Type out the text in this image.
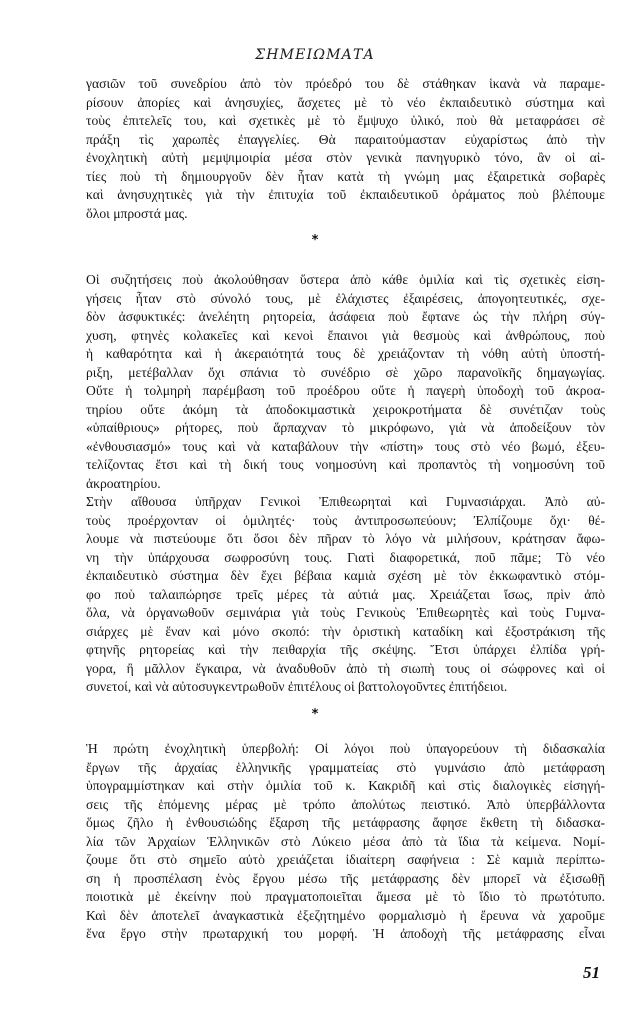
ΣΗΜΕΙΩΜΑΤΑ
γασιῶν τοῦ συνεδρίου ἀπὸ τὸν πρόεδρό του δὲ στάθηκαν ἱκανὰ νὰ παραμε-
ρίσουν ἀπορίες καὶ ἀνησυχίες, ἄσχετες μὲ τὸ νέο ἐκπαιδευτικὸ σύστημα καὶ
τοὺς ἐπιτελεῖς του, καὶ σχετικὲς μὲ τὸ ἔμψυχο ὑλικό, ποὺ θὰ μεταφράσει σὲ
πράξη τὶς χαρωπὲς ἐπαγγελίες. Θὰ παραιτούμασταν εὐχαρίστως ἀπὸ τὴν
ἐνοχλητικὴ αὐτὴ μεμψιμοιρία μέσα στὸν γενικὰ πανηγυρικὸ τόνο, ἂν οἱ αἰ-
τίες ποὺ τὴ δημιουργοῦν δὲν ἦταν κατὰ τὴ γνώμη μας ἐξαιρετικὰ σοβαρὲς
καὶ ἀνησυχητικὲς γιὰ τὴν ἐπιτυχία τοῦ ἐκπαιδευτικοῦ ὁράματος ποὺ βλέπουμε
ὅλοι μπροστά μας.
*
Οἱ συζητήσεις ποὺ ἀκολούθησαν ὕστερα ἀπὸ κάθε ὁμιλία καὶ τὶς σχετικὲς εἰση-
γήσεις ἦταν στὸ σύνολό τους, μὲ ἐλάχιστες ἐξαιρέσεις, ἀπογοητευτικές, σχε-
δὸν ἀσφυκτικές: ἀνελέητη ρητορεία, ἀσάφεια ποὺ ἔφτανε ὡς τὴν πλήρη σύγ-
χυση, φτηνὲς κολακεῖες καὶ κενοὶ ἔπαινοι γιὰ θεσμοὺς καὶ ἀνθρώπους, ποὺ
ἡ καθαρότητα καὶ ἡ ἀκεραιότητά τους δὲ χρειάζονταν τὴ νόθη αὐτὴ ὑποστή-
ριξη, μετέβαλλαν ὄχι σπάνια τὸ συνέδριο σὲ χῶρο παρανοϊκῆς δημαγωγίας.
Οὔτε ἡ τολμηρὴ παρέμβαση τοῦ προέδρου οὔτε ἡ παγερὴ ὑποδοχὴ τοῦ ἀκροα-
τηρίου οὔτε ἀκόμη τὰ ἀποδοκιμαστικὰ χειροκροτήματα δὲ συνέτιζαν τοὺς
«ὑπαίθριους» ρήτορες, ποὺ ἅρπαχναν τὸ μικρόφωνο, γιὰ νὰ ἀποδείξουν τὸν
«ἐνθουσιασμό» τους καὶ νὰ καταβάλουν τὴν «πίστη» τους στὸ νέο βωμό, ἐξευ-
τελίζοντας ἔτσι καὶ τὴ δική τους νοημοσύνη καὶ προπαντὸς τὴ νοημοσύνη τοῦ
ἀκροατηρίου.
Στὴν αἴθουσα ὑπῆρχαν Γενικοὶ Ἐπιθεωρηταὶ καὶ Γυμνασιάρχαι. Ἀπὸ αὐ-
τοὺς προέρχονταν οἱ ὁμιλητές· τοὺς ἀντιπροσωπεύουν; Ἐλπίζουμε ὄχι· θέ-
λουμε νὰ πιστεύουμε ὅτι ὅσοι δὲν πῆραν τὸ λόγο νὰ μιλήσουν, κράτησαν ἄφω-
νη τὴν ὑπάρχουσα σωφροσύνη τους. Γιατὶ διαφορετικά, ποῦ πᾶμε; Τὸ νέο
ἐκπαιδευτικὸ σύστημα δὲν ἔχει βέβαια καμιὰ σχέση μὲ τὸν ἐκκωφαντικὸ στόμ-
φο ποὺ ταλαιπώρησε τρεῖς μέρες τὰ αὐτιά μας. Χρειάζεται ἴσως, πρὶν ἀπὸ
ὅλα, νὰ ὀργανωθοῦν σεμινάρια γιὰ τοὺς Γενικοὺς Ἐπιθεωρητὲς καὶ τοὺς Γυμνα-
σιάρχες μὲ ἕναν καὶ μόνο σκοπό: τὴν ὁριστικὴ καταδίκη καὶ ἐξοστράκιση τῆς
φτηνῆς ρητορείας καὶ τὴν πειθαρχία τῆς σκέψης. Ἔτσι ὑπάρχει ἐλπίδα γρή-
γορα, ἢ μᾶλλον ἔγκαιρα, νὰ ἀναδυθοῦν ἀπὸ τὴ σιωπὴ τους οἱ σώφρονες καὶ οἱ
συνετοί, καὶ νὰ αὐτοσυγκεντρωθοῦν ἐπιτέλους οἱ βαττολογοῦντες ἐπιτήδειοι.
*
Ἡ πρώτη ἐνοχλητικὴ ὑπερβολή: Οἱ λόγοι ποὺ ὑπαγορεύουν τὴ διδασκαλία
ἔργων τῆς ἀρχαίας ἑλληνικῆς γραμματείας στὸ γυμνάσιο ἀπὸ μετάφραση
ὑπογραμμίστηκαν καὶ στὴν ὁμιλία τοῦ κ. Κακριδῆ καὶ στὶς διαλογικὲς εἰσηγή-
σεις τῆς ἑπόμενης μέρας μὲ τρόπο ἀπολύτως πειστικό. Ἀπὸ ὑπερβάλλοντα
ὅμως ζῆλο ἡ ἐνθουσιώδης ἔξαρση τῆς μετάφρασης ἄφησε ἔκθετη τὴ διδασκα-
λία τῶν Ἀρχαίων Ἑλληνικῶν στὸ Λύκειο μέσα ἀπὸ τὰ ἴδια τὰ κείμενα. Νομί-
ζουμε ὅτι στὸ σημεῖο αὐτὸ χρειάζεται ἰδιαίτερη σαφήνεια : Σὲ καμιὰ περίπτω-
ση ἡ προσπέλαση ἑνὸς ἔργου μέσω τῆς μετάφρασης δὲν μπορεῖ νὰ ἐξισωθῇ
ποιοτικὰ μὲ ἐκείνην ποὺ πραγματοποιεῖται ἄμεσα μὲ τὸ ἴδιο τὸ πρωτότυπο.
Καὶ δὲν ἀποτελεῖ ἀναγκαστικὰ ἐξεζητημένο φορμαλισμὸ ἡ ἔρευνα νὰ χαροῦμε
ἕνα ἔργο στὴν πρωταρχική του μορφή. Ἡ ἀποδοχὴ τῆς μετάφρασης εἶναι
51
